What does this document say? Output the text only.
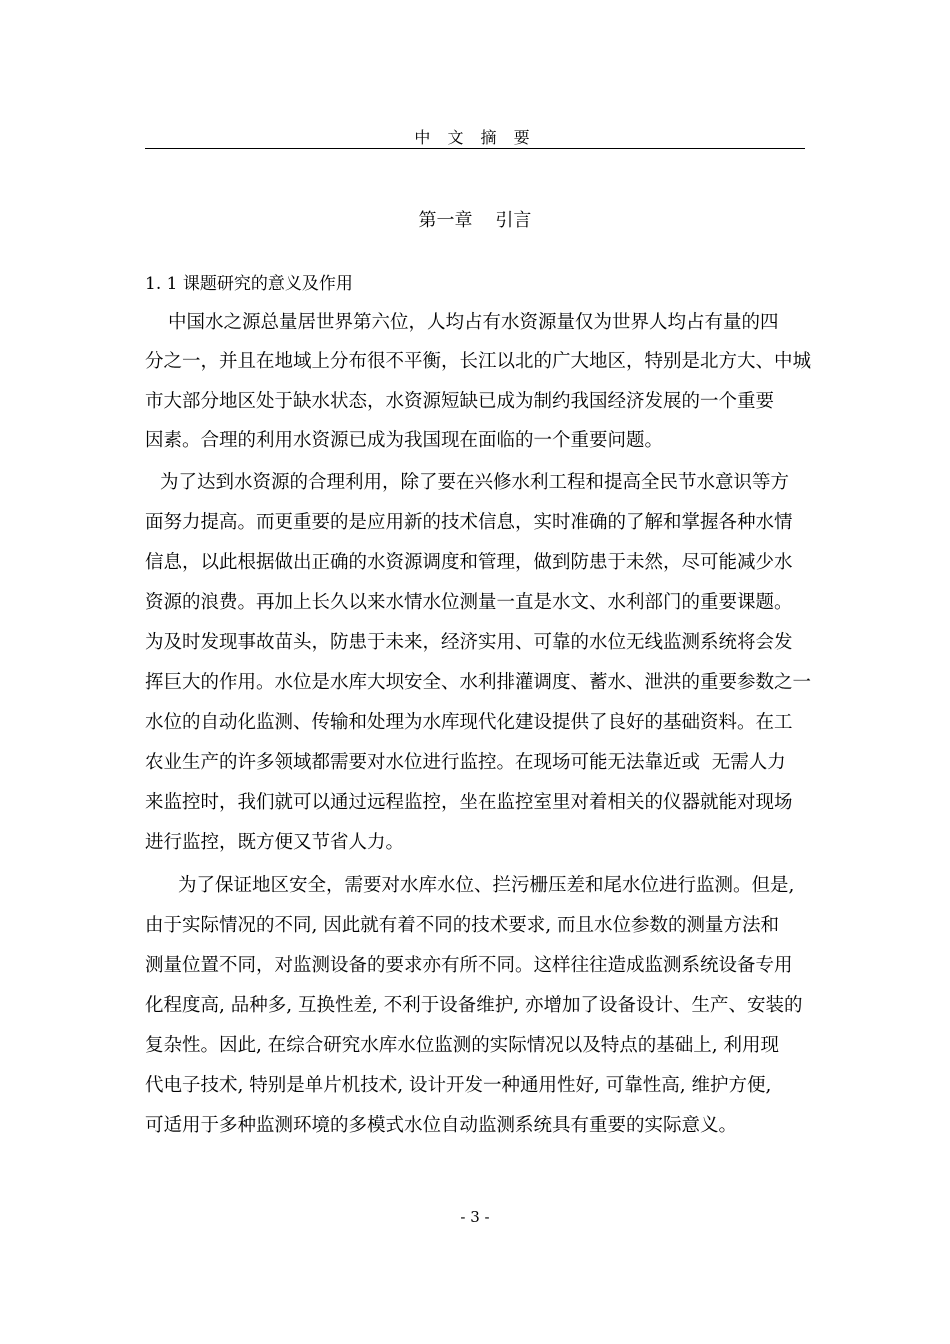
中 文 摘 要
第一章    引言
1. 1 课题研究的意义及作用
中国水之源总量居世界第六位，人均占有水资源量仅为世界人均占有量的四
分之一，并且在地域上分布很不平衡，长江以北的广大地区，特别是北方大、中城
市大部分地区处于缺水状态，水资源短缺已成为制约我国经济发展的一个重要
因素。合理的利用水资源已成为我国现在面临的一个重要问题。
为了达到水资源的合理利用，除了要在兴修水利工程和提高全民节水意识等方
面努力提高。而更重要的是应用新的技术信息，实时准确的了解和掌握各种水情
信息，以此根据做出正确的水资源调度和管理，做到防患于未然，尽可能减少水
资源的浪费。再加上长久以来水情水位测量一直是水文、水利部门的重要课题。
为及时发现事故苗头，防患于未来，经济实用、可靠的水位无线监测系统将会发
挥巨大的作用。水位是水库大坝安全、水利排灌调度、蓄水、泄洪的重要参数之一
水位的自动化监测、传输和处理为水库现代化建设提供了良好的基础资料。在工
农业生产的许多领域都需要对水位进行监控。在现场可能无法靠近或  无需人力
来监控时，我们就可以通过远程监控，坐在监控室里对着相关的仪器就能对现场
进行监控，既方便又节省人力。
为了保证地区安全，需要对水库水位、拦污栅压差和尾水位进行监测。但是,
由于实际情况的不同, 因此就有着不同的技术要求, 而且水位参数的测量方法和
测量位置不同，对监测设备的要求亦有所不同。这样往往造成监测系统设备专用
化程度高, 品种多, 互换性差, 不利于设备维护, 亦增加了设备设计、生产、安装的
复杂性。因此, 在综合研究水库水位监测的实际情况以及特点的基础上, 利用现
代电子技术, 特别是单片机技术, 设计开发一种通用性好, 可靠性高, 维护方便,
可适用于多种监测环境的多模式水位自动监测系统具有重要的实际意义。
- 3 -
